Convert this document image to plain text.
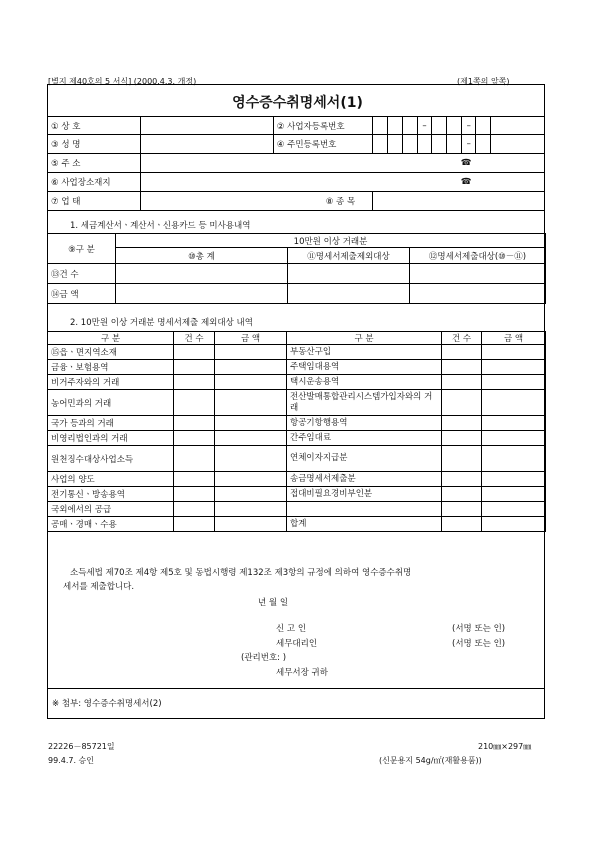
[별지 제40호의 5 서식] (2000.4.3. 개정)	(제1쪽의 앞쪽)
영수증수취명세서(1)
① 상 호		② 사업자등록번호				–			–		
③ 성 명		④ 주민등록번호							–		
⑤ 주 소	☎										
⑥ 사업장소재지	☎										
⑦ 업 태	⑧ 종 목										
1. 세금계산서ㆍ계산서ㆍ신용카드 등 미사용내역
⑨구 분	10만원 이상 거래분		
	⑩총 계	⑪명세서제출제외대상	⑫명세서제출대상(⑩－⑪)
⑬건 수			
⑭금 액			
2. 10만원 이상 거래분 명세서제출 제외대상 내역
구 분	건 수	금 액	구 분	건 수	금 액
⑮읍ㆍ면지역소재			부동산구입		
금융ㆍ보험용역			주택임대용역		
비거주자와의 거래			택시운송용역		
농어민과의 거래			전산발매통합관리시스템가입자와의 거래		
국가 등과의 거래			항공기항행용역		
비영리법인과의 거래			간주임대료		
원천징수대상사업소득			연체이자지급분		
사업의 양도			송금명세서제출분		
전기통신ㆍ방송용역			접대비필요경비부인분		
국외에서의 공급					
공매ㆍ경매ㆍ수용			합계		
소득세법 제70조 제4항 제5호 및 동법시행령 제132조 제3항의 규정에 의하여 영수증수취명
세서를 제출합니다.
년 월 일
신 고 인	(서명 또는 인)
세무대리인	(서명 또는 인)
(관리번호: )
세무서장 귀하
※ 첨부: 영수증수취명세서(2)
22226－85721일
99.4.7. 승인
210㎜×297㎜
(신문용지 54g/㎡(재활용품))
